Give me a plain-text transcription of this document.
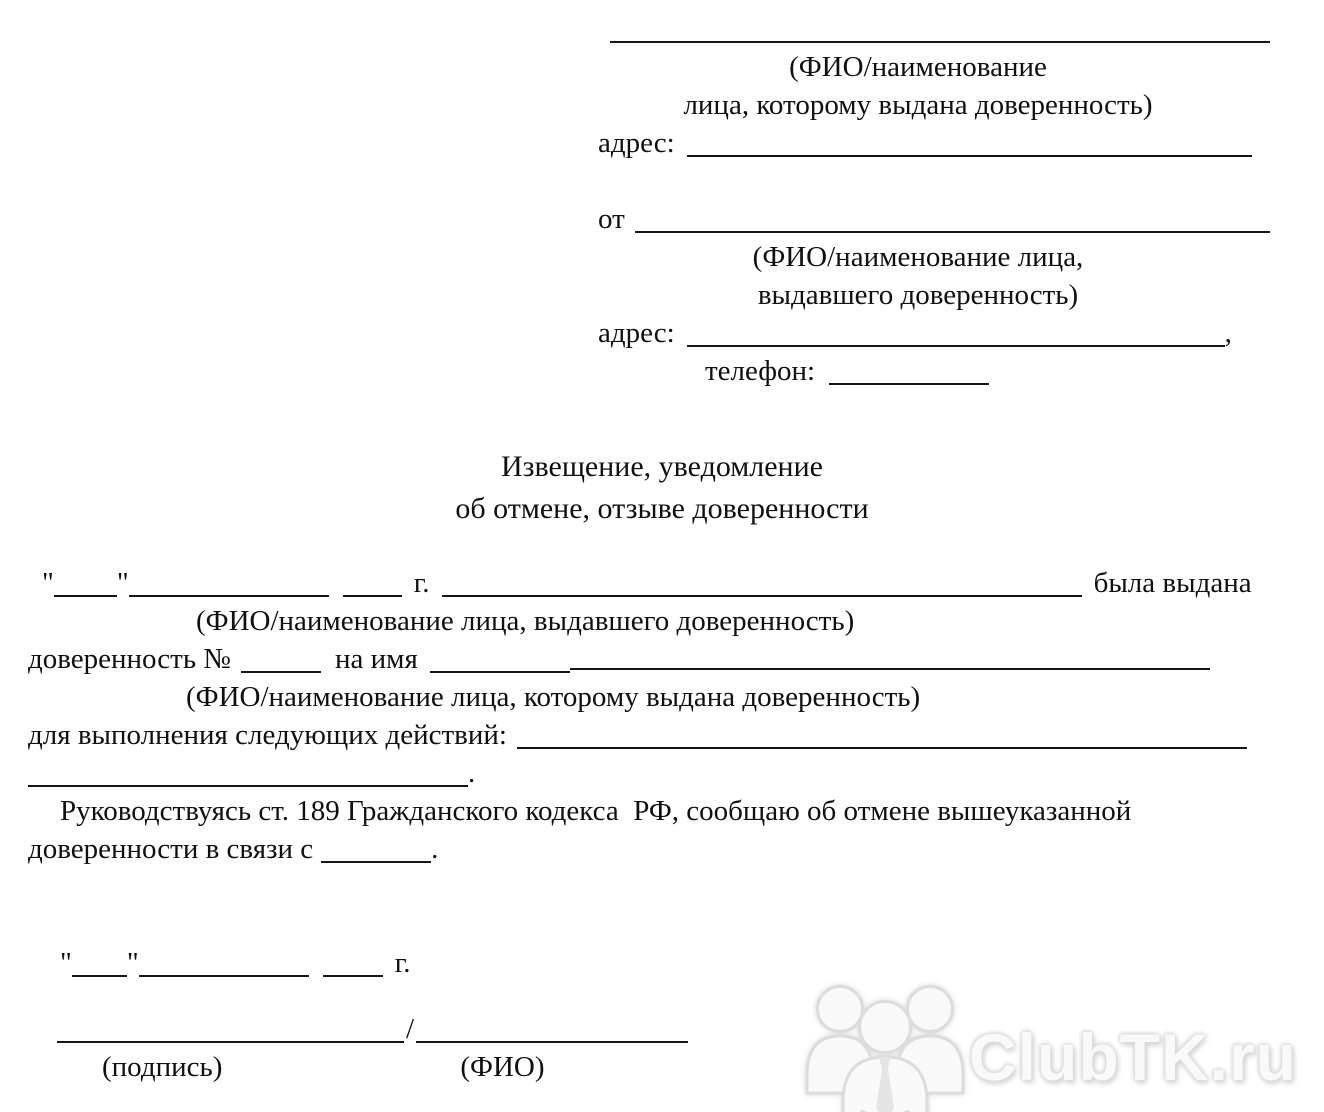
(ФИО/наименование
лица, которому выдана доверенность)
адрес:
от
(ФИО/наименование лица,
выдавшего доверенность)
адрес:	,
телефон:
Извещение, уведомление
об отмене, отзыве доверенности
" "	г.	была выдана
(ФИО/наименование лица, выдавшего доверенность)
доверенность №	на имя
(ФИО/наименование лица, которому выдана доверенность)
для выполнения следующих действий:
.
Руководствуясь ст. 189 Гражданского кодекса  РФ, сообщаю об отмене вышеуказанной
доверенности в связи с	.
" "	г.
/
(подпись)	(ФИО)	ClubTK.ru
